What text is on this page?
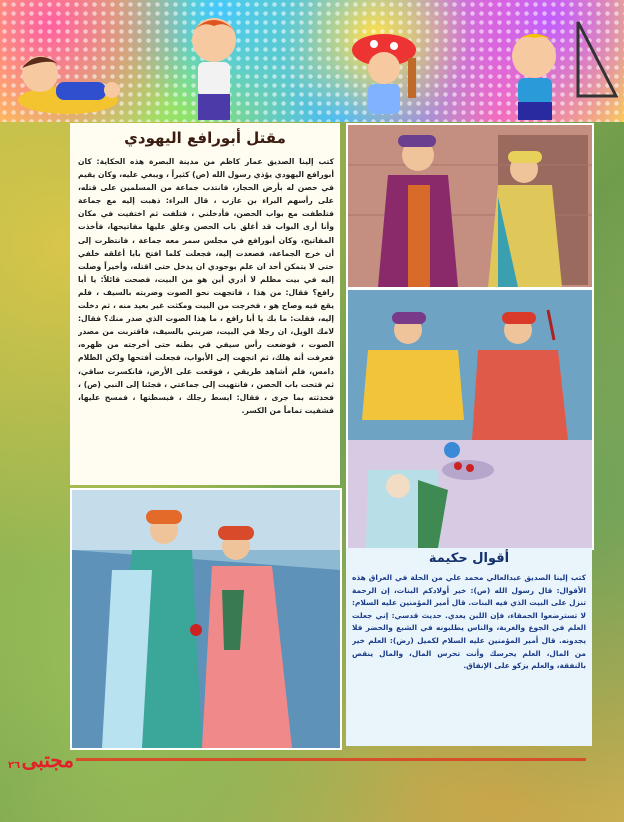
مقتل أبورافع اليهودي
كتب إلينا الصديق عمار كاظم من مدينة البصرة هذه الحكاية: كان أبورافع اليهودي يؤذي رسول الله (ص) كثيراً ، ويبغي عليه، وكان يقيم في حصن له بأرض الحجاز، فانتدب جماعة من المسلمين على قتله، على رأسهم البراء بن عازب ، قال البراء: ذهبت إليه مع جماعة فتلطفت مع بواب الحصن، فأدخلني ، فتلفت ثم اختفيت في مكان وأنا أرى البواب قد أغلق باب الحصن وعلق عليها مفاتيحها، فأخذت المفاتيح، وكان أبورافع في مجلس سمر معه جماعة ، فانتظرت إلى أن خرج الجماعة، فصعدت إليه، فجعلت كلما افتح بابا أغلقه خلفي حتى لا يتمكن أحد ان علم بوجودي ان يدخل حتى اقتله، وأخيراً وصلت إليه في بيت مظلم لا أدري أين هو من البيت، فصحت قائلاً: يا أبا رافع؟ فقال: من هذا ، فاتجهت نحو الصوت وضربته بالسيف ، فلم يقع فيه وصاح هو ، فخرجت من البيت ومكثت غير بعيد منه ، ثم دخلت إليه، فقلت: ما بك يا أبا رافع ، ما هذا الصوت الذي صدر منك؟ فقال: لامك الويل، ان رجلا في البيت، ضربني بالسيف، فاقتربت من مصدر الصوت ، فوضعت رأس سيفي في بطنه حتى أخرجته من ظهره، فعرفت أنه هلك، ثم اتجهت إلى الأبواب، فجعلت أفتحها ولكن الظلام دامس، فلم أشاهد طريقي ، فوقعت على الأرض، فانكسرت ساقي، ثم فتحت باب الحصن ، فانتهيت إلى جماعتي ، فجئنا إلى النبي (ص) ، فحدثته بما جرى ، فقال: ابسط رجلك ، فبسطتها ، فمسح عليها، فشفيت تماماً من الكسر.
أقوال حكيمة
كتب إلينا الصديق عبدالعالي محمد علي من الحلة في العراق هذه الأقوال: قال رسول الله (ص): خير أولادكم البنات، إن الرحمة تنزل على البيت الذي فيه البنات. قال أمير المؤمنين عليه السلام: لا تسترضعوا الحمقاء، فإن اللبن يعدي. حديث قدسي: إني جعلت العلم في الجوع والغربة، والناس يطلبونه في الشبع والحضر فلا يجدونه. قال أمير المؤمنين عليه السلام لكميل (رض): العلم خير من المال، العلم يحرسك وأنت تحرس المال، والمال ينقص بالنفقة، والعلم يزكو على الإنفاق.
مجتبى
٢٦
